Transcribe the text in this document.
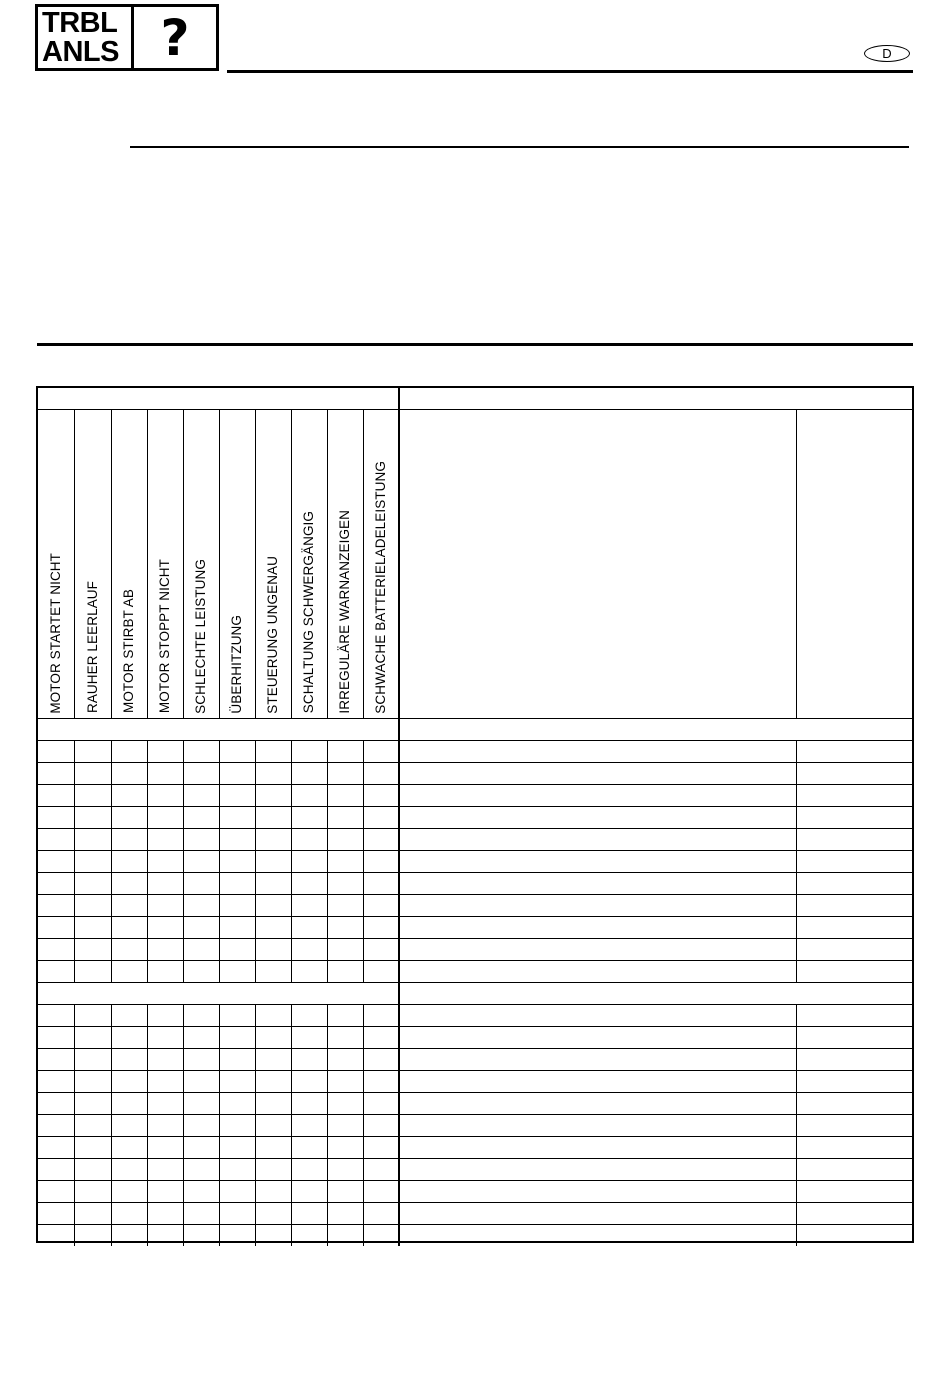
TRBL
ANLS ?	D

MOTOR STARTET NICHT	RAUHER LEERLAUF	MOTOR STIRBT AB	MOTOR STOPPT NICHT	SCHLECHTE LEISTUNG	ÜBERHITZUNG	STEUERUNG UNGENAU	SCHALTUNG SCHWERGÄNGIG	IRREGULÄRE WARNANZEIGEN	SCHWACHE BATTERIELADELEISTUNG		
